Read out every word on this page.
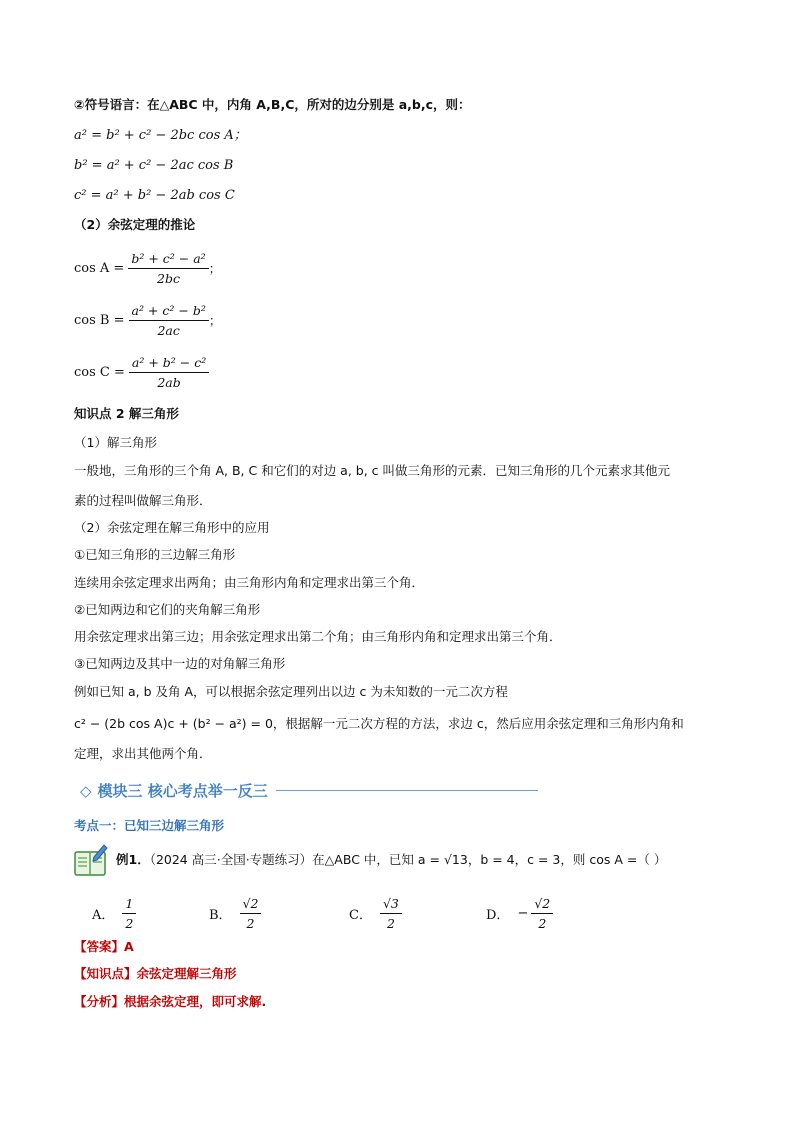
②符号语言：在△ABC 中，内角 A,B,C，所对的边分别是 a,b,c，则：
a² = b² + c² − 2bc cos A；
b² = a² + c² − 2ac cos B
c² = a² + b² − 2ab cos C
（2）余弦定理的推论
$\cos A = \frac{\text{b² + c² − a²}}{2bc}$ ；
$\cos B = \frac{\text{a² + c² − b²}}{2ac}$ ；
$\cos C = \frac{\text{a² + b² − c²}}{2ab}$
知识点 2 解三角形
（1）解三角形
一般地，三角形的三个角 A, B, C 和它们的对边 a, b, c 叫做三角形的元素．已知三角形的几个元素求其他元
素的过程叫做解三角形．
（2）余弦定理在解三角形中的应用
①已知三角形的三边解三角形
连续用余弦定理求出两角；由三角形内角和定理求出第三个角．
②已知两边和它们的夹角解三角形
用余弦定理求出第三边；用余弦定理求出第二个角；由三角形内角和定理求出第三个角．
③已知两边及其中一边的对角解三角形
例如已知 a, b 及角 A，可以根据余弦定理列出以边 c 为未知数的一元二次方程
c² − (2b cos A)c + (b² − a²) = 0，根据解一元二次方程的方法，求边 c，然后应用余弦定理和三角形内角和
定理，求出其他两个角．
◇ 模块三 核心考点举一反三
考点一：已知三边解三角形
例1．（2024 高三·全国·专题练习）在△ABC 中，已知 a = √13，b = 4，c = 3，则 cos A =（ ）
A． $\frac{1}{2}$	B． $\frac{√2}{2}$	C． $\frac{√3}{2}$	D． − $\frac{√2}{2}$
【答案】A
【知识点】余弦定理解三角形
【分析】根据余弦定理，即可求解.
